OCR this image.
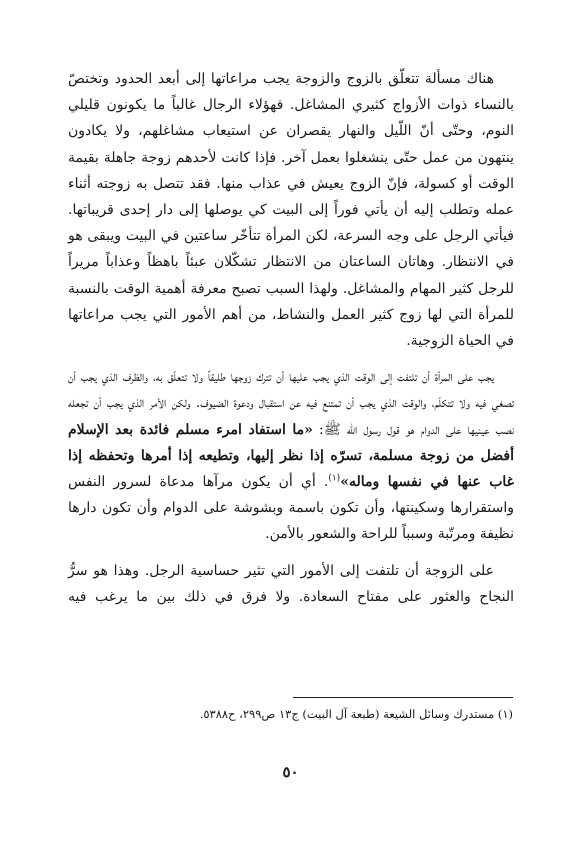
هناك مسألة تتعلّق بالزوج والزوجة يجب مراعاتها إلى أبعد الحدود وتختصّ بالنساء ذوات الأزواج كثيري المشاغل. فهؤلاء الرجال غالباً ما يكونون قليلي النوم، وحتّى أنّ اللّيل والنهار يقصران عن استيعاب مشاغلهم، ولا يكادون ينتهون من عمل حتّى ينشغلوا بعمل آخر. فإذا كانت لأحدهم زوجة جاهلة بقيمة الوقت أو كسولة، فإنّ الزوج يعيش في عذاب منها. فقد تتصل به زوجته أثناء عمله وتطلب إليه أن يأتي فوراً إلى البيت كي يوصلها إلى دار إحدى قريباتها. فيأتي الرجل على وجه السرعة، لكن المرأة تتأخّر ساعتين في البيت ويبقى هو في الانتظار. وهاتان الساعتان من الانتظار تشكّلان عبئاً باهظاً وعذاباً مريراً للرجل كثير المهام والمشاغل. ولهذا السبب تصبح معرفة أهمية الوقت بالنسبة للمرأة التي لها زوج كثير العمل والنشاط، من أهم الأمور التي يجب مراعاتها في الحياة الزوجية.

يجب على المرأة أن تلتفت إلى الوقت الذي يجب عليها أن تترك زوجها طليقاً ولا تتعلّق به، والظرف الذي يجب أن تصغي فيه ولا تتكلّم، والوقت الذي يجب أن تمتنع فيه عن استقبال ودعوة الضيوف. ولكن الأمر الذي يجب أن تجعله نصب عينيها على الدوام هو قول رسول الله ﷺ: «ما استفاد امرء مسلم فائدة بعد الإسلام أفضل من زوجة مسلمة، تسرّه إذا نظر إليها، وتطيعه إذا أمرها وتحفظه إذا غاب عنها في نفسها وماله»$^{(١)}$. أي أن يكون مرآها مدعاة لسرور النفس واستقرارها وسكينتها، وأن تكون باسمة وبشوشة على الدوام وأن تكون دارها نظيفة ومرتّبة وسبباً للراحة والشعور بالأمن.

على الزوجة أن تلتفت إلى الأمور التي تثير حساسية الرجل. وهذا هو سرُّ النجاح والعثور على مفتاح السعادة. ولا فرق في ذلك بين ما يرغب فيه

(١) مستدرك وسائل الشيعة (طبعة آل البيت) ج١٣ ص٢٩٩، ح٥٣٨٨.
٥٠
